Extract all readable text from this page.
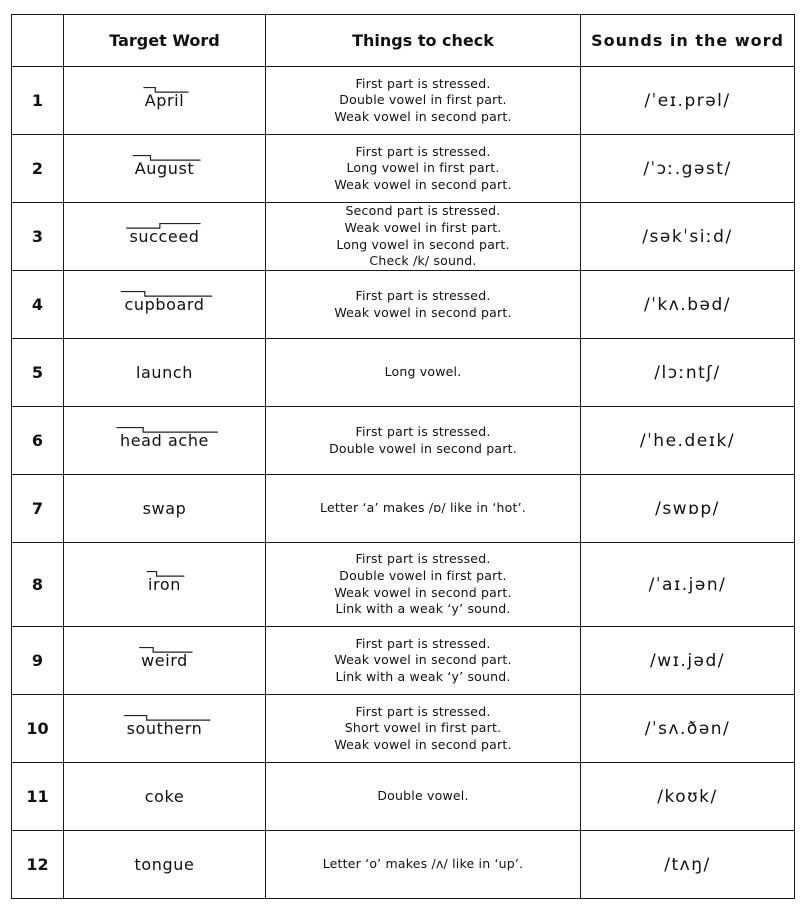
	Target Word	Things to check	Sounds in the word
1	April	First part is stressed.
Double vowel in first part.
Weak vowel in second part.	/ˈeɪ.prəl/
2	August	First part is stressed.
Long vowel in first part.
Weak vowel in second part.	/ˈɔː.gəst/
3	succeed	Second part is stressed.
Weak vowel in first part.
Long vowel in second part.
Check /k/ sound.	/səkˈsiːd/
4	cupboard	First part is stressed.
Weak vowel in second part.	/ˈkʌ.bəd/
5	launch	Long vowel.	/lɔːntʃ/
6	head ache	First part is stressed.
Double vowel in second part.	/ˈhe.deɪk/
7	swap	Letter ‘a’ makes /ɒ/ like in ‘hot’.	/swɒp/
8	iron	First part is stressed.
Double vowel in first part.
Weak vowel in second part.
Link with a weak ‘y’ sound.	/ˈaɪ.jən/
9	weird	First part is stressed.
Weak vowel in second part.
Link with a weak ‘y’ sound.	/wɪ.jəd/
10	southern	First part is stressed.
Short vowel in first part.
Weak vowel in second part.	/ˈsʌ.ðən/
11	coke	Double vowel.	/koʊk/
12	tongue	Letter ‘o’ makes /ʌ/ like in ‘up’.	/tʌŋ/
